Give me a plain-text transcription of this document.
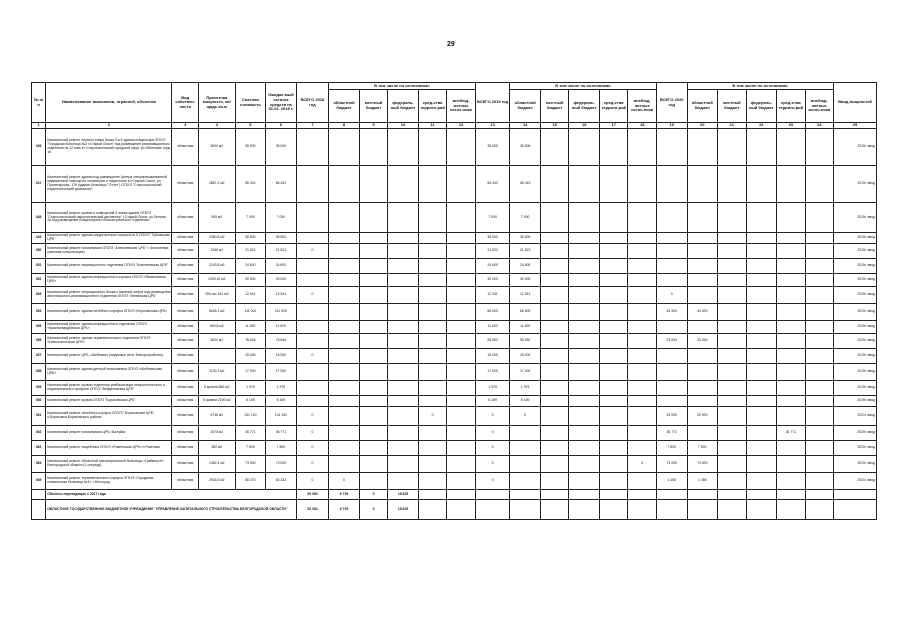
29
№ п/п	Наименование заказчиков, отраслей, объектов	Вид собствен-ности	Проектная мощность, кв/щадь кв.м	Сметная стоимость	Ожидае-мый остаток средств на 01.01. 2018 г.	ВСЕГО 2018 год	В том числе по источникам:					ВСЕГО 2019 год	В том числе по источникам:					ВСЕГО 2020 год	В том числе по источникам:					Ввод мощностей
							областной бюджет	местный бюджет	федераль-ный бюджет	сред-ства террито-рий	внебюд-жетные источ-ники		областной бюджет	местный бюджет	федераль-ный бюджет	сред-ства террито-рий	внебюд-жетные источ-ники		областной бюджет	местный бюджет	федераль-ный бюджет	сред-ства террито-рий	внебюд-жетные источ-ники	
1	2	3	4	5	6	7	8	9	10	11	12	13	14	15	16	17	18	19	20	21	22	23	24	25
346	Капитальный ремонт первого этажа блока 4 и 5 здания стационара ОГБУЗ "Городская больница №2 г.Старый Оскол" под размещение реанимационного отделения на 12 коек в г.Старооскольский городской округ, ул.Ублинские горы 1в	областная	2600 м2	35 000	35 000							35 000	35 000											2019г. ввод
347	Капитальный ремонт здания под размещение Центра специализированной медицинской помощи по психиатрии и наркологии в г.Старый Оскол, ул. Пролетарская, 176 (здание больницы "Отчет") ОГБУЗ "Старооскольский наркологический диспансер"	областная	2867,2 м2	56 442	56 442							56 442	56 442											2019г. ввод
348	Капитальный ремонт кровли и помещений 4 этажа здания ОГБУЗ "Старооскольский наркологический диспансер" г.Старый Оскол, ул.Ленина, 2а под размещение стационарного психиатрического отделения	областная	900 м2	7 000	7 000							7 000	7 000											2019г. ввод
349	Капитальный ремонт здания хирургического корпуса № 5 ОГБУЗ "Губкинская ЦРБ"	областная	2360,8 м2	35 500	35 500							35 500	35 500											2019г. ввод
350	Капитальный ремонт поликлиники ОГБУЗ "Алексеевская ЦРБ" г. Алексеевка (женская консультация)	областная	1266 м2	21 522	21 522	0						21 522	21 522											2019г. ввод
351	Капитальный ремонт инфекционного отделения ОГБУЗ "Алексеевская ЦРБ"	областная	1243,8 м2	24 600	24 600							24 600	24 600											2019г. ввод
352	Капитальный ремонт здания инфекционного корпуса ОГБУЗ «Яковлевская ЦРБ»	областная	2439,18 м2	30 000	30 000							30 000	30 000											2019г. ввод
353	Капитальный ремонт операционного блока с заменой лифта под размещение анестезиолого-реанимационного отделения ОГБУЗ "Ивнянская ЦРБ"	областная	250 пм; 841 м2	12 541	12 541	0						12 541	12 541					0						2019г. ввод
354	Капитальный ремонт здания лечебного корпуса ОГБУЗ «Корочанская ЦРБ»	областная	6626,1 м2	111 000	111 000							66 600	66 600					44 400	44 400					2020г. ввод
355	Капитальный ремонт здания инфекционного отделения ОГБУЗ «Красногвардейская ЦРБ»	областная	663,8 м2	11 620	11 620							11 620	11 620											2019г. ввод
356	Капитальный ремонт здания терапевтического отделения ОГБУЗ «Новооскольская ЦРБ»	областная	4620 м2	78 646	78 646							55 592	55 592					23 054	23 054					2020г. ввод
357	Капитальный ремонт ЦРБ, г.Шебекино (наружные сети, благоустройство)	областная		15 000	15 000	0						15 000	15 000											2019г. ввод
358	Капитальный ремонт здания детской поликлиники ОГБУЗ «Шебекинская ЦРБ»	областная	1130,3 м2	17 000	17 000							17 000	17 000											2019г. ввод
359	Капитальный ремонт кровли отделения реабилитации неврологического и педиатрического профиля ОГБУЗ "Вейделевская ЦРБ"	областная	5 кровля 860 м2	1 975	1 975							1 975	1 975											2019г. ввод
360	Капитальный ремонт кровли ОГБУЗ "Борисовская ЦРБ"	областная	S кровли 2200 м2	6 169	6 169							6 169	6 169											2019г. ввод
361	Капитальный ремонт лечебного корпуса ОГБУЗ "Борисовская ЦРБ", п.Борисовка Борисовского района	областная	6746 м2	131 100	131 100	0				0		0	0					25 000	25 000					2021г. ввод
362	Капитальный ремонт поликлиники ЦРБ г.Валуйки	областная	1576 м2	36 771	36 771	0						0						36 771				36 771		2020г. ввод
363	Капитальный ремонт пищеблока ОГБУЗ «Ровеньская ЦРБ» п.Ровеньки	областная	380 м2	7 800	7 800	0						0						7 800	7 800					2020г. ввод
364	Капитальный ремонт областной психиатрической больницы «Грайворон» Белгородской области (1 очередь)	областная	1452,4 м2	73 000	73 000	0						0					0	73 000	73 000					2020г. ввод
365	Капитальный ремонт терапевтического корпуса ОГБУЗ «Городская клиническая больница №1», г.Белгород	областная	2918,5 м2	85 370	60 333	0	0					0						1 455	1 455					2021г. ввод
	Объекты переходящие с 2017 года					25 354	6 729	0	18 625															
	ОБЛАСТНОЕ ГОСУДАРСТВЕННОЕ БЮДЖЕТНОЕ УЧРЕЖДЕНИЕ "УПРАВЛЕНИЕ КАПИТАЛЬНОГО СТРОИТЕЛЬСТВА БЕЛГОРОДСКОЙ ОБЛАСТИ"					25 354	6 729	0	18 625															
